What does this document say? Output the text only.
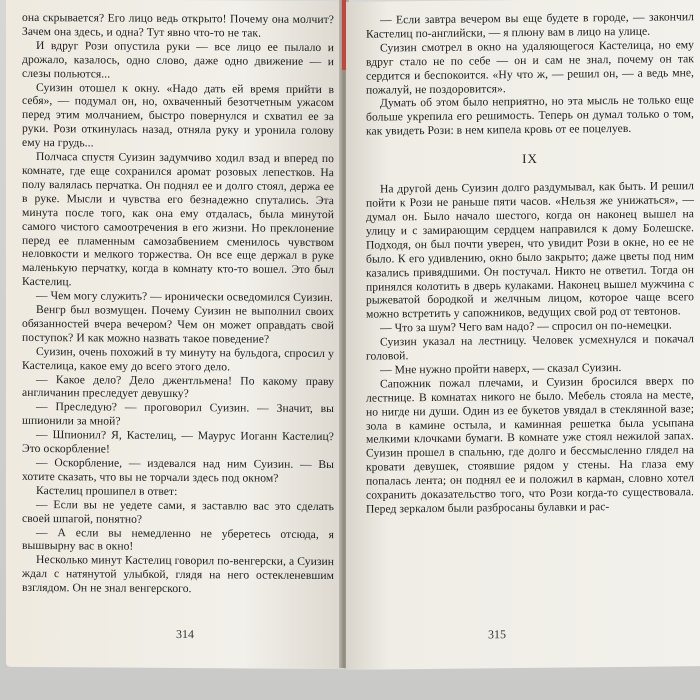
она скрывается? Его лицо ведь открыто! Почему она молчит? Зачем она здесь, и одна? Тут явно что-то не так.

И вдруг Рози опустила руки — все лицо ее пылало и дрожало, казалось, одно слово, даже одно движение — и слезы польются...

Суизин отошел к окну. «Надо дать ей время прийти в себя», — подумал он, но, охваченный безотчетным ужасом перед этим молчанием, быстро повернулся и схватил ее за руки. Рози откинулась назад, отняла руку и уронила голову ему на грудь...

Полчаса спустя Суизин задумчиво ходил взад и вперед по комнате, где еще сохранился аромат розовых лепестков. На полу валялась перчатка. Он поднял ее и долго стоял, держа ее в руке. Мысли и чувства его безнадежно спутались. Эта минута после того, как она ему отдалась, была минутой самого чистого самоотречения в его жизни. Но преклонение перед ее пламенным самозабвением сменилось чувством неловкости и мелкого торжества. Он все еще держал в руке маленькую перчатку, когда в комнату кто-то вошел. Это был Кастелиц.

— Чем могу служить? — иронически осведомился Суизин.

Венгр был возмущен. Почему Суизин не выполнил своих обязанностей вчера вечером? Чем он может оправдать свой поступок? И как можно назвать такое поведение?

Суизин, очень похожий в ту минуту на бульдога, спросил у Кастелица, какое ему до всего этого дело.

— Какое дело? Дело джентльмена! По какому праву англичанин преследует девушку?

— Преследую? — проговорил Суизин. — Значит, вы шпионили за мной?

— Шпионил? Я, Кастелиц, — Маурус Иоганн Кастелиц? Это оскорбление!

— Оскорбление, — издевался над ним Суизин. — Вы хотите сказать, что вы не торчали здесь под окном?

Кастелиц прошипел в ответ:

— Если вы не уедете сами, я заставлю вас это сделать своей шпагой, понятно?

— А если вы немедленно не уберетесь отсюда, я вышвырну вас в окно!

Несколько минут Кастелиц говорил по-венгерски, а Суизин ждал с натянутой улыбкой, глядя на него остекленевшим взглядом. Он не знал венгерского.

314

— Если завтра вечером вы еще будете в городе, — закончил Кастелиц по-английски, — я плюну вам в лицо на улице.

Суизин смотрел в окно на удаляющегося Кастелица, но ему вдруг стало не по себе — он и сам не знал, почему он так сердится и беспокоится. «Ну что ж, — решил он, — а ведь мне, пожалуй, не поздоровится».

Думать об этом было неприятно, но эта мысль не только еще больше укрепила его решимость. Теперь он думал только о том, как увидеть Рози: в нем кипела кровь от ее поцелуев.

IX

На другой день Суизин долго раздумывал, как быть. И решил пойти к Рози не раньше пяти часов. «Нельзя же унижаться», — думал он. Было начало шестого, когда он наконец вышел на улицу и с замирающим сердцем направился к дому Болешске. Подходя, он был почти уверен, что увидит Рози в окне, но ее не было. К его удивлению, окно было закрыто; даже цветы под ним казались привядшими. Он постучал. Никто не ответил. Тогда он принялся колотить в дверь кулаками. Наконец вышел мужчина с рыжеватой бородкой и желчным лицом, которое чаще всего можно встретить у сапожников, ведущих свой род от тевтонов.

— Что за шум? Чего вам надо? — спросил он по-немецки.

Суизин указал на лестницу. Человек усмехнулся и покачал головой.

— Мне нужно пройти наверх, — сказал Суизин.

Сапожник пожал плечами, и Суизин бросился вверх по лестнице. В комнатах никого не было. Мебель стояла на месте, но нигде ни души. Один из ее букетов увядал в стеклянной вазе; зола в камине остыла, и каминная решетка была усыпана мелкими клочками бумаги. В комнате уже стоял нежилой запах. Суизин прошел в спальню, где долго и бессмысленно глядел на кровати девушек, стоявшие рядом у стены. На глаза ему попалась лента; он поднял ее и положил в карман, словно хотел сохранить доказательство того, что Рози когда-то существовала. Перед зеркалом были разбросаны булавки и рас-

315
